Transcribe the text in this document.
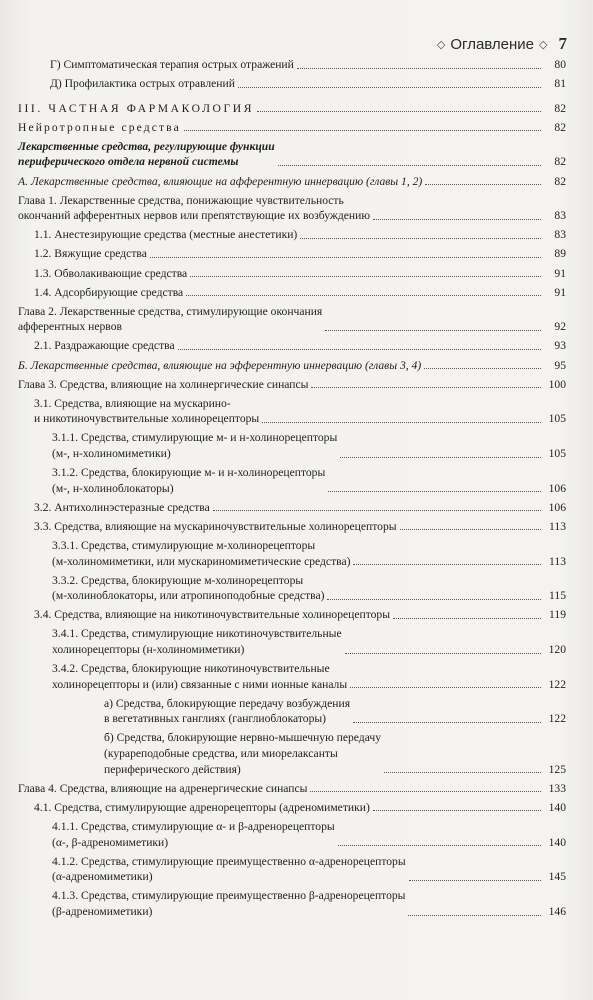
◇ Оглавление ◇ 7
Г) Симптоматическая терапия острых отражений	80
Д) Профилактика острых отравлений	81
III. ЧАСТНАЯ ФАРМАКОЛОГИЯ	82
Нейротропные средства	82
Лекарственные средства, регулирующие функции
периферического отдела нервной системы	82
А. Лекарственные средства, влияющие на афферентную иннервацию (главы 1, 2)	82
Глава 1. Лекарственные средства, понижающие чувствительность
окончаний афферентных нервов или препятствующие их возбуждению	83
1.1. Анестезирующие средства (местные анестетики)	83
1.2. Вяжущие средства	89
1.3. Обволакивающие средства	91
1.4. Адсорбирующие средства	91
Глава 2. Лекарственные средства, стимулирующие окончания
афферентных нервов	92
2.1. Раздражающие средства	93
Б. Лекарственные средства, влияющие на эфферентную иннервацию (главы 3, 4)	95
Глава 3. Средства, влияющие на холинергические синапсы	100
3.1. Средства, влияющие на мускарино-
и никотиночувствительные холинорецепторы	105
3.1.1. Средства, стимулирующие м- и н-холинорецепторы
(м-, н-холиномиметики)	105
3.1.2. Средства, блокирующие м- и н-холинорецепторы
(м-, н-холиноблокаторы)	106
3.2. Антихолинэстеразные средства	106
3.3. Средства, влияющие на мускариночувствительные холинорецепторы	113
3.3.1. Средства, стимулирующие м-холинорецепторы
(м-холиномиметики, или мускариномиметические средства)	113
3.3.2. Средства, блокирующие м-холинорецепторы
(м-холиноблокаторы, или атропиноподобные средства)	115
3.4. Средства, влияющие на никотиночувствительные холинорецепторы	119
3.4.1. Средства, стимулирующие никотиночувствительные
холинорецепторы (н-холиномиметики)	120
3.4.2. Средства, блокирующие никотиночувствительные
холинорецепторы и (или) связанные с ними ионные каналы	122
а) Средства, блокирующие передачу возбуждения
в вегетативных ганглиях (ганглиоблокаторы)	122
б) Средства, блокирующие нервно-мышечную передачу
(курареподобные средства, или миорелаксанты
периферического действия)	125
Глава 4. Средства, влияющие на адренергические синапсы	133
4.1. Средства, стимулирующие адренорецепторы (адреномиметики)	140
4.1.1. Средства, стимулирующие α- и β-адренорецепторы
(α-, β-адреномиметики)	140
4.1.2. Средства, стимулирующие преимущественно α-адренорецепторы
(α-адреномиметики)	145
4.1.3. Средства, стимулирующие преимущественно β-адренорецепторы
(β-адреномиметики)	146
